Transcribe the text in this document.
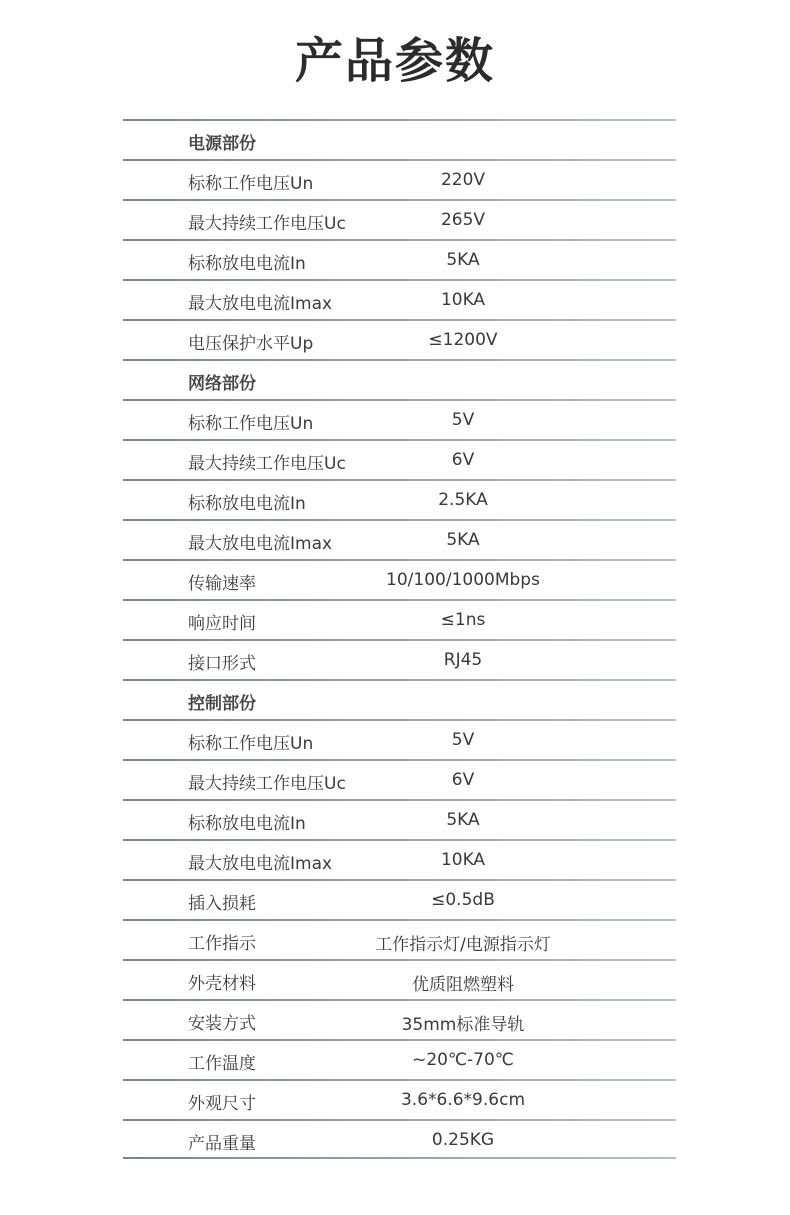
产品参数
电源部份
标称工作电压Un	220V
最大持续工作电压Uc	265V
标称放电电流In	5KA
最大放电电流Imax	10KA
电压保护水平Up	≤1200V
网络部份
标称工作电压Un	5V
最大持续工作电压Uc	6V
标称放电电流In	2.5KA
最大放电电流Imax	5KA
传输速率	10/100/1000Mbps
响应时间	≤1ns
接口形式	RJ45
控制部份
标称工作电压Un	5V
最大持续工作电压Uc	6V
标称放电电流In	5KA
最大放电电流Imax	10KA
插入损耗	≤0.5dB
工作指示	工作指示灯/电源指示灯
外壳材料	优质阻燃塑料
安装方式	35mm标准导轨
工作温度	~20℃-70℃
外观尺寸	3.6*6.6*9.6cm
产品重量	0.25KG
